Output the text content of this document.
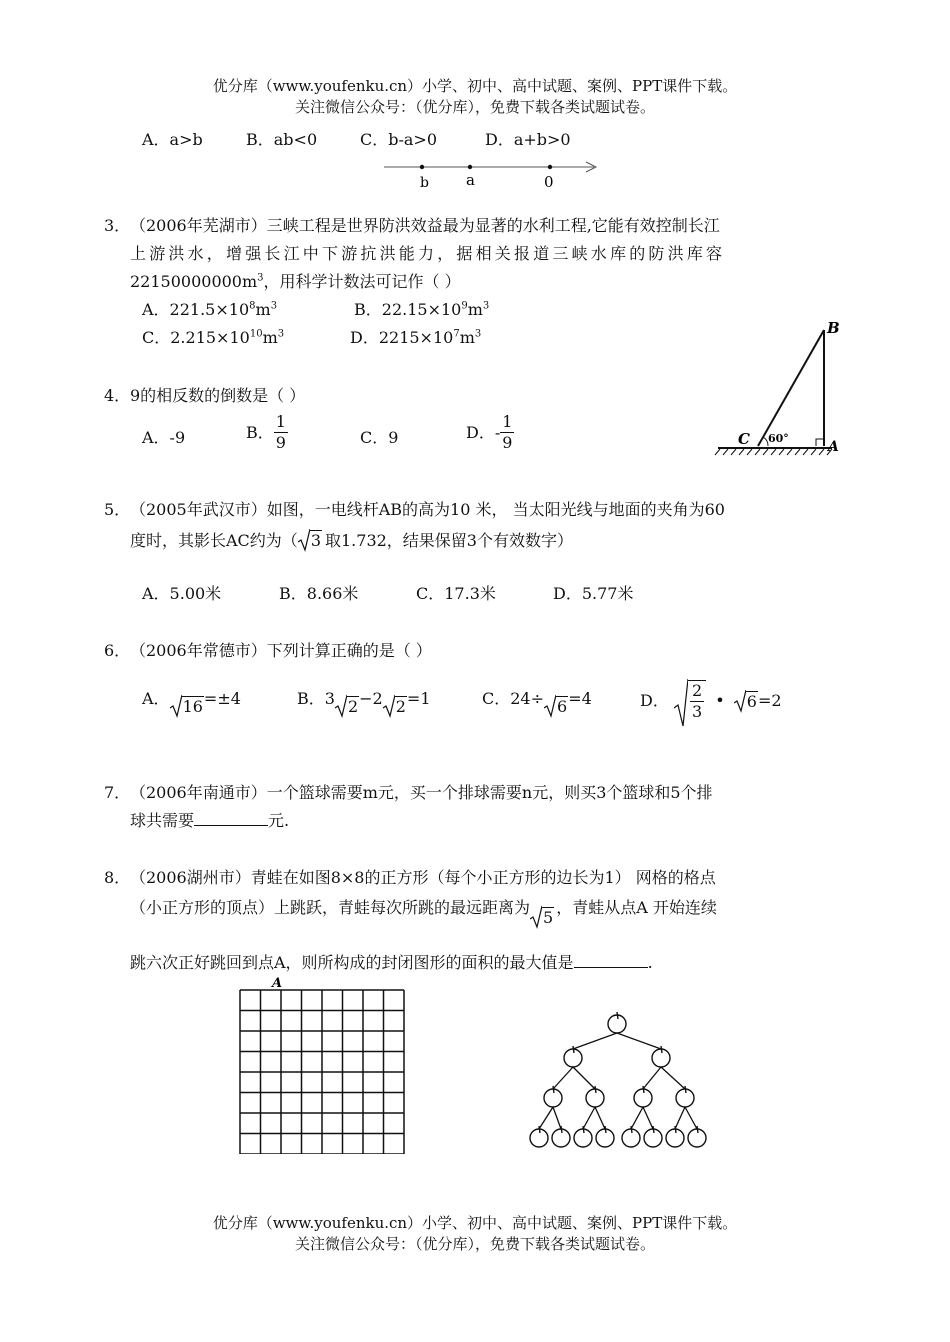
优分库（www.youfenku.cn）小学、初中、高中试题、案例、PPT课件下载。
关注微信公众号：（优分库），免费下载各类试题试卷。
A．a>b	B．ab<0	C．b-a>0	D．a+b>0
b a	0
3．（2006年芜湖市）三峡工程是世界防洪效益最为显著的水利工程,它能有效控制长江
上游洪水，增强长江中下游抗洪能力，据相关报道三峡水库的防洪库容
$22150000000m^3$，用科学计数法可记作（ ）
A．$221.5\times 10^8m^3$	B．$22.15\times 10^9m^3$
C．$2.215\times 10^{10}m^3$	D．$2215\times 10^7m^3$	B
C	A
60°
4．9的相反数的倒数是（ ）
A．-9	B． $\frac{1}{9}$	C．9	D．- $\frac{1}{9}$
5．（2005年武汉市）如图，一电线杆AB的高为10 米， 当太阳光线与地面的夹角为60
度时，其影长AC约为（ 3 取1.732，结果保留3个有效数字）
A．5.00米	B．8.66米	C．17.3米	D．5.77米
6．（2006年常德市）下列计算正确的是（ ）
A． 16=±4	B．3 2−2 2=1	C．24÷ 6=4	D． $\frac{2}{3}$ • 6=2
7．（2006年南通市）一个篮球需要m元，买一个排球需要n元，则买3个篮球和5个排
球共需要	元.
8．（2006湖州市）青蛙在如图8×8的正方形（每个小正方形的边长为1） 网格的格点
（小正方形的顶点）上跳跃，青蛙每次所跳的最远距离为
5，青蛙从点A 开始连续
跳六次正好跳回到点A，则所构成的封闭图形的面积的最大值是	.
A
优分库（www.youfenku.cn）小学、初中、高中试题、案例、PPT课件下载。
关注微信公众号：（优分库），免费下载各类试题试卷。
